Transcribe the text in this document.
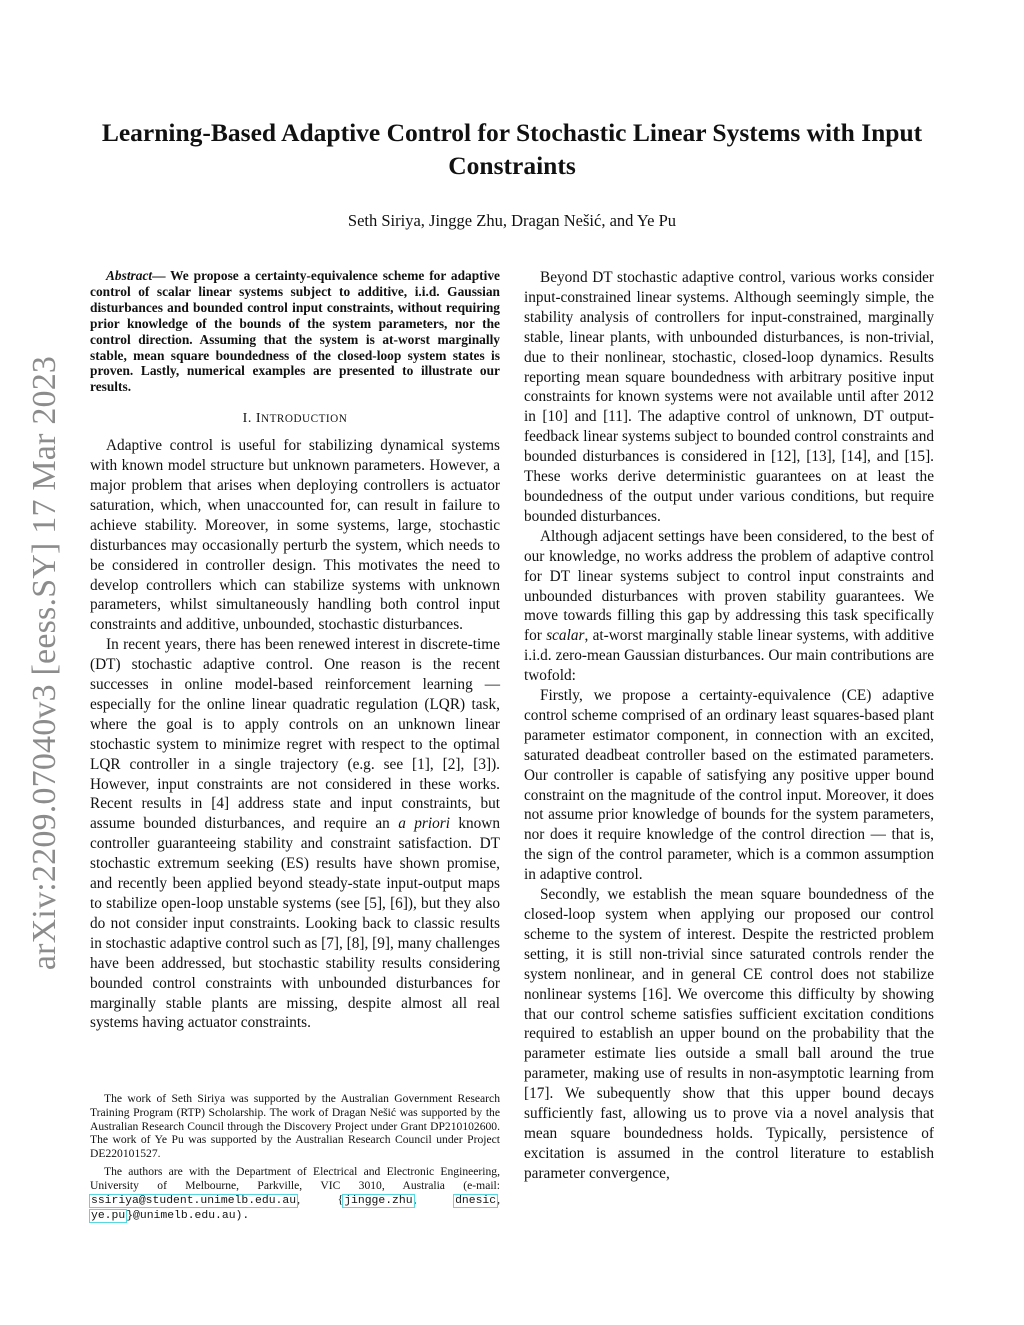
arXiv:2209.07040v3 [eess.SY] 17 Mar 2023
Learning-Based Adaptive Control for Stochastic Linear Systems with Input Constraints
Seth Siriya, Jingge Zhu, Dragan Nešić, and Ye Pu

Abstract— We propose a certainty-equivalence scheme for adaptive control of scalar linear systems subject to additive, i.i.d. Gaussian disturbances and bounded control input constraints, without requiring prior knowledge of the bounds of the system parameters, nor the control direction. Assuming that the system is at-worst marginally stable, mean square boundedness of the closed-loop system states is proven. Lastly, numerical examples are presented to illustrate our results.

I. INTRODUCTION

Adaptive control is useful for stabilizing dynamical systems with known model structure but unknown parameters. However, a major problem that arises when deploying controllers is actuator saturation, which, when unaccounted for, can result in failure to achieve stability. Moreover, in some systems, large, stochastic disturbances may occasionally perturb the system, which needs to be considered in controller design. This motivates the need to develop controllers which can stabilize systems with unknown parameters, whilst simultaneously handling both control input constraints and additive, unbounded, stochastic disturbances.

In recent years, there has been renewed interest in discrete-time (DT) stochastic adaptive control. One reason is the recent successes in online model-based reinforcement learning — especially for the online linear quadratic regulation (LQR) task, where the goal is to apply controls on an unknown linear stochastic system to minimize regret with respect to the optimal LQR controller in a single trajectory (e.g. see [1], [2], [3]). However, input constraints are not considered in these works. Recent results in [4] address state and input constraints, but assume bounded disturbances, and require an a priori known controller guaranteeing stability and constraint satisfaction. DT stochastic extremum seeking (ES) results have shown promise, and recently been applied beyond steady-state input-output maps to stabilize open-loop unstable systems (see [5], [6]), but they also do not consider input constraints. Looking back to classic results in stochastic adaptive control such as [7], [8], [9], many challenges have been addressed, but stochastic stability results considering bounded control constraints with unbounded disturbances for marginally stable plants are missing, despite almost all real systems having actuator constraints.

The work of Seth Siriya was supported by the Australian Government Research Training Program (RTP) Scholarship. The work of Dragan Nešić was supported by the Australian Research Council through the Discovery Project under Grant DP210102600. The work of Ye Pu was supported by the Australian Research Council under Project DE220101527.

The authors are with the Department of Electrical and Electronic Engineering, University of Melbourne, Parkville, VIC 3010, Australia (e-mail: ssiriya@student.unimelb.edu.au, {jingge.zhu, dnesic, ye.pu}@unimelb.edu.au).

Beyond DT stochastic adaptive control, various works consider input-constrained linear systems. Although seemingly simple, the stability analysis of controllers for input-constrained, marginally stable, linear plants, with unbounded disturbances, is non-trivial, due to their nonlinear, stochastic, closed-loop dynamics. Results reporting mean square boundedness with arbitrary positive input constraints for known systems were not available until after 2012 in [10] and [11]. The adaptive control of unknown, DT output-feedback linear systems subject to bounded control constraints and bounded disturbances is considered in [12], [13], [14], and [15]. These works derive deterministic guarantees on at least the boundedness of the output under various conditions, but require bounded disturbances.

Although adjacent settings have been considered, to the best of our knowledge, no works address the problem of adaptive control for DT linear systems subject to control input constraints and unbounded disturbances with proven stability guarantees. We move towards filling this gap by addressing this task specifically for scalar, at-worst marginally stable linear systems, with additive i.i.d. zero-mean Gaussian disturbances. Our main contributions are twofold:

Firstly, we propose a certainty-equivalence (CE) adaptive control scheme comprised of an ordinary least squares-based plant parameter estimator component, in connection with an excited, saturated deadbeat controller based on the estimated parameters. Our controller is capable of satisfying any positive upper bound constraint on the magnitude of the control input. Moreover, it does not assume prior knowledge of bounds for the system parameters, nor does it require knowledge of the control direction — that is, the sign of the control parameter, which is a common assumption in adaptive control.

Secondly, we establish the mean square boundedness of the closed-loop system when applying our proposed our control scheme to the system of interest. Despite the restricted problem setting, it is still non-trivial since saturated controls render the system nonlinear, and in general CE control does not stabilize nonlinear systems [16]. We overcome this difficulty by showing that our control scheme satisfies sufficient excitation conditions required to establish an upper bound on the probability that the parameter estimate lies outside a small ball around the true parameter, making use of results in non-asymptotic learning from [17]. We subequently show that this upper bound decays sufficiently fast, allowing us to prove via a novel analysis that mean square boundedness holds. Typically, persistence of excitation is assumed in the control literature to establish parameter convergence,
